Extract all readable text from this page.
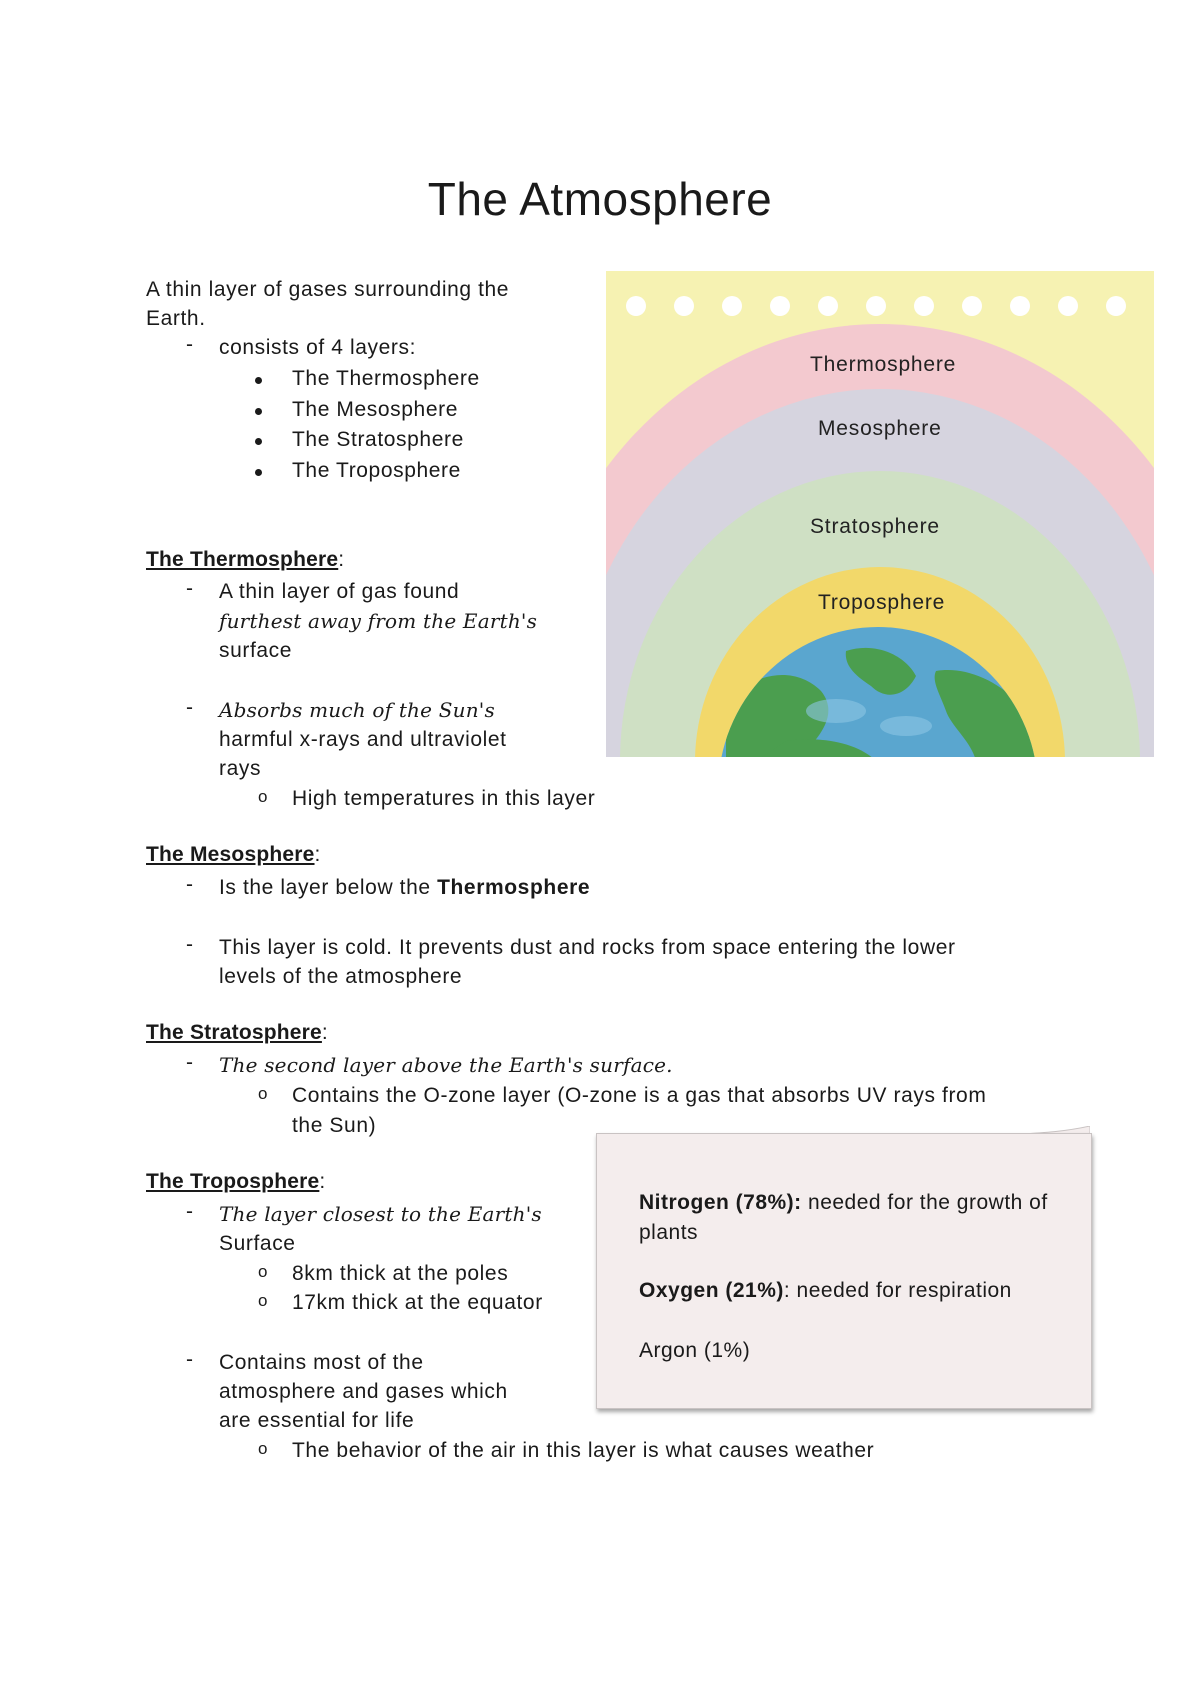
The Atmosphere
A thin layer of gases surrounding the
Earth.
- consists of 4 layers:
The Thermosphere
The Mesosphere
The Stratosphere
The Troposphere
Thermosphere
Mesosphere
Stratosphere
Troposphere
The Thermosphere:
- A thin layer of gas found
furthest away from the Earth's
surface
- Absorbs much of the Sun's
harmful x-rays and ultraviolet
rays
o High temperatures in this layer
The Mesosphere:
- Is the layer below the Thermosphere
- This layer is cold. It prevents dust and rocks from space entering the lower
levels of the atmosphere
The Stratosphere:
- The second layer above the Earth's surface.
o Contains the O-zone layer (O-zone is a gas that absorbs UV rays from
the Sun)
The Troposphere:
- The layer closest to the Earth's
Surface
o 8km thick at the poles
o 17km thick at the equator
- Contains most of the
atmosphere and gases which
are essential for life
o The behavior of the air in this layer is what causes weather
Nitrogen (78%): needed for the growth of
plants
Oxygen (21%): needed for respiration
Argon (1%)
